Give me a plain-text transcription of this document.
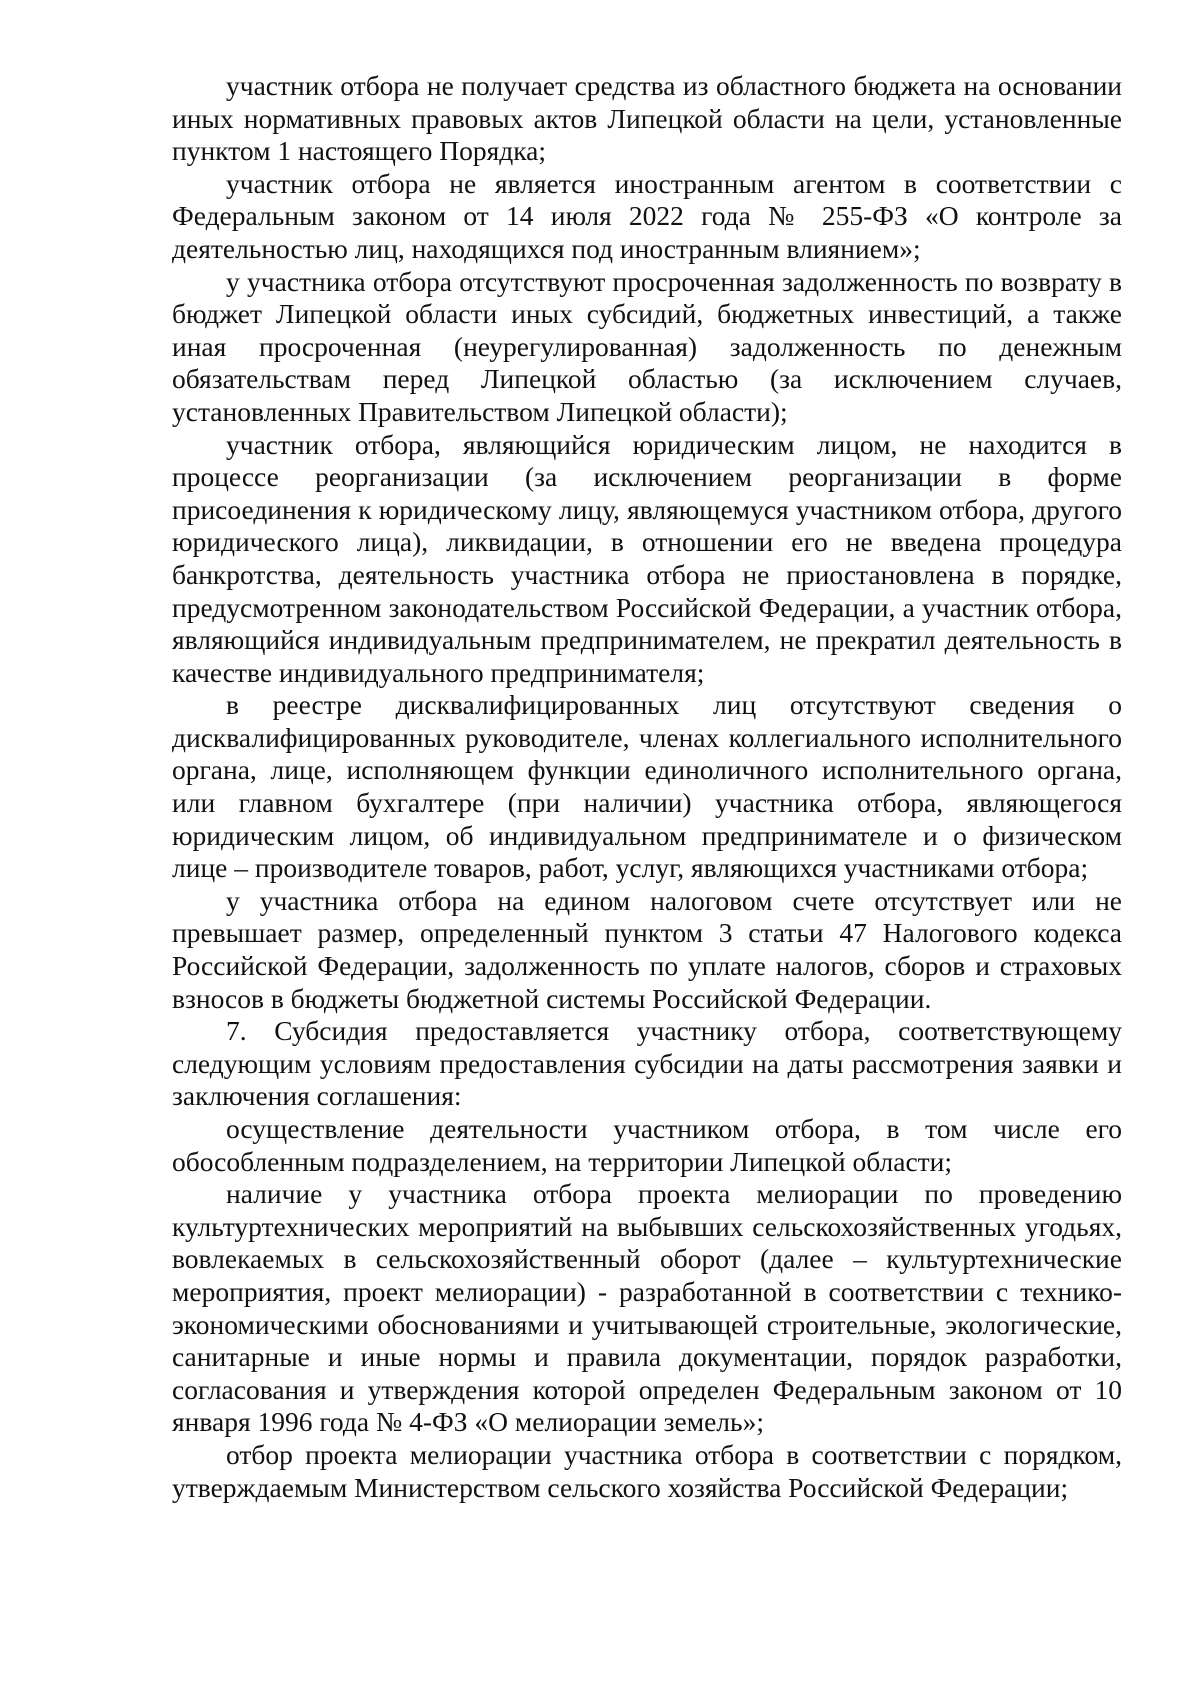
участник отбора не получает средства из областного бюджета на основании иных нормативных правовых актов Липецкой области на цели, установленные пунктом 1 настоящего Порядка;

участник отбора не является иностранным агентом в соответствии с Федеральным законом от 14 июля 2022 года № 255-ФЗ «О контроле за деятельностью лиц, находящихся под иностранным влиянием»;

у участника отбора отсутствуют просроченная задолженность по возврату в бюджет Липецкой области иных субсидий, бюджетных инвестиций, а также иная просроченная (неурегулированная) задолженность по денежным обязательствам перед Липецкой областью (за исключением случаев, установленных Правительством Липецкой области);

участник отбора, являющийся юридическим лицом, не находится в процессе реорганизации (за исключением реорганизации в форме присоединения к юридическому лицу, являющемуся участником отбора, другого юридического лица), ликвидации, в отношении его не введена процедура банкротства, деятельность участника отбора не приостановлена в порядке, предусмотренном законодательством Российской Федерации, а участник отбора, являющийся индивидуальным предпринимателем, не прекратил деятельность в качестве индивидуального предпринимателя;

в реестре дисквалифицированных лиц отсутствуют сведения о дисквалифицированных руководителе, членах коллегиального исполнительного органа, лице, исполняющем функции единоличного исполнительного органа, или главном бухгалтере (при наличии) участника отбора, являющегося юридическим лицом, об индивидуальном предпринимателе и о физическом лице – производителе товаров, работ, услуг, являющихся участниками отбора;

у участника отбора на едином налоговом счете отсутствует или не превышает размер, определенный пунктом 3 статьи 47 Налогового кодекса Российской Федерации, задолженность по уплате налогов, сборов и страховых взносов в бюджеты бюджетной системы Российской Федерации.

7. Субсидия предоставляется участнику отбора, соответствующему следующим условиям предоставления субсидии на даты рассмотрения заявки и заключения соглашения:

осуществление деятельности участником отбора, в том числе его обособленным подразделением, на территории Липецкой области;

наличие у участника отбора проекта мелиорации по проведению культуртехнических мероприятий на выбывших сельскохозяйственных угодьях, вовлекаемых в сельскохозяйственный оборот (далее – культуртехнические мероприятия, проект мелиорации) - разработанной в соответствии с технико-экономическими обоснованиями и учитывающей строительные, экологические, санитарные и иные нормы и правила документации, порядок разработки, согласования и утверждения которой определен Федеральным законом от 10 января 1996 года № 4-ФЗ «О мелиорации земель»;

отбор проекта мелиорации участника отбора в соответствии с порядком, утверждаемым Министерством сельского хозяйства Российской Федерации;
